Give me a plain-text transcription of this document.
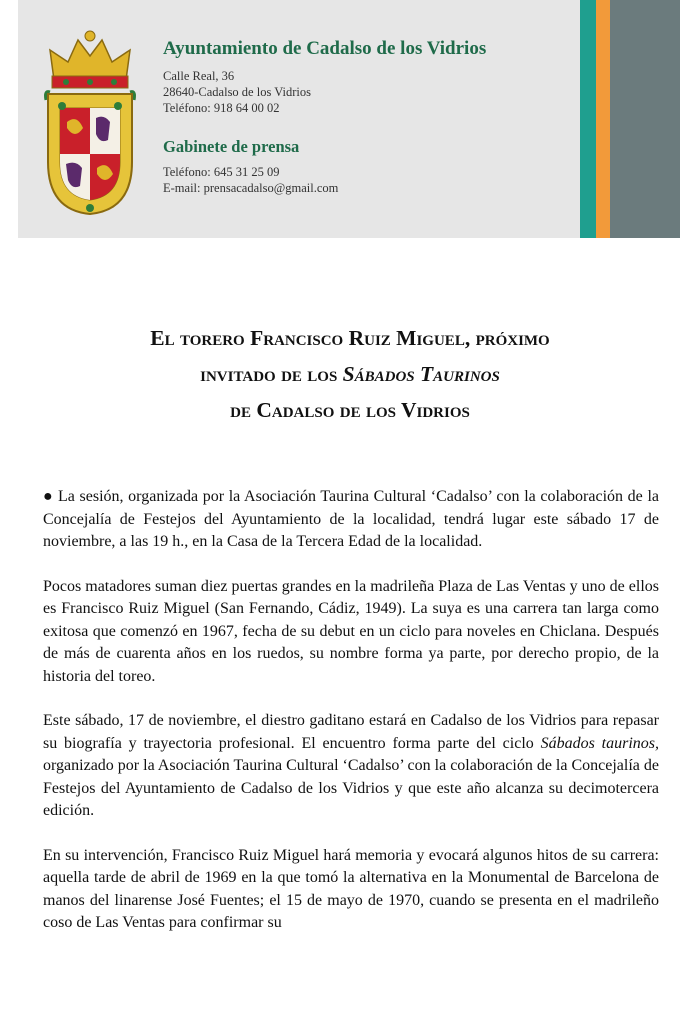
Ayuntamiento de Cadalso de los Vidrios
Calle Real, 36
28640-Cadalso de los Vidrios
Teléfono: 918 64 00 02
Gabinete de prensa
Teléfono: 645 31 25 09
E-mail: prensacadalso@gmail.com
El torero Francisco Ruiz Miguel, próximo
invitado de los Sábados Taurinos
de Cadalso de los Vidrios

● La sesión, organizada por la Asociación Taurina Cultural ‘Cadalso’ con la colaboración de la Concejalía de Festejos del Ayuntamiento de la localidad, tendrá lugar este sábado 17 de noviembre, a las 19 h., en la Casa de la Tercera Edad de la localidad.

Pocos matadores suman diez puertas grandes en la madrileña Plaza de Las Ventas y uno de ellos es Francisco Ruiz Miguel (San Fernando, Cádiz, 1949). La suya es una carrera tan larga como exitosa que comenzó en 1967, fecha de su debut en un ciclo para noveles en Chiclana. Después de más de cuarenta años en los ruedos, su nombre forma ya parte, por derecho propio, de la historia del toreo.

Este sábado, 17 de noviembre, el diestro gaditano estará en Cadalso de los Vidrios para repasar su biografía y trayectoria profesional. El encuentro forma parte del ciclo Sábados taurinos, organizado por la Asociación Taurina Cultural ‘Cadalso’ con la colaboración de la Concejalía de Festejos del Ayuntamiento de Cadalso de los Vidrios y que este año alcanza su decimotercera edición.

En su intervención, Francisco Ruiz Miguel hará memoria y evocará algunos hitos de su carrera: aquella tarde de abril de 1969 en la que tomó la alternativa en la Monumental de Barcelona de manos del linarense José Fuentes; el 15 de mayo de 1970, cuando se presenta en el madrileño coso de Las Ventas para confirmar su
